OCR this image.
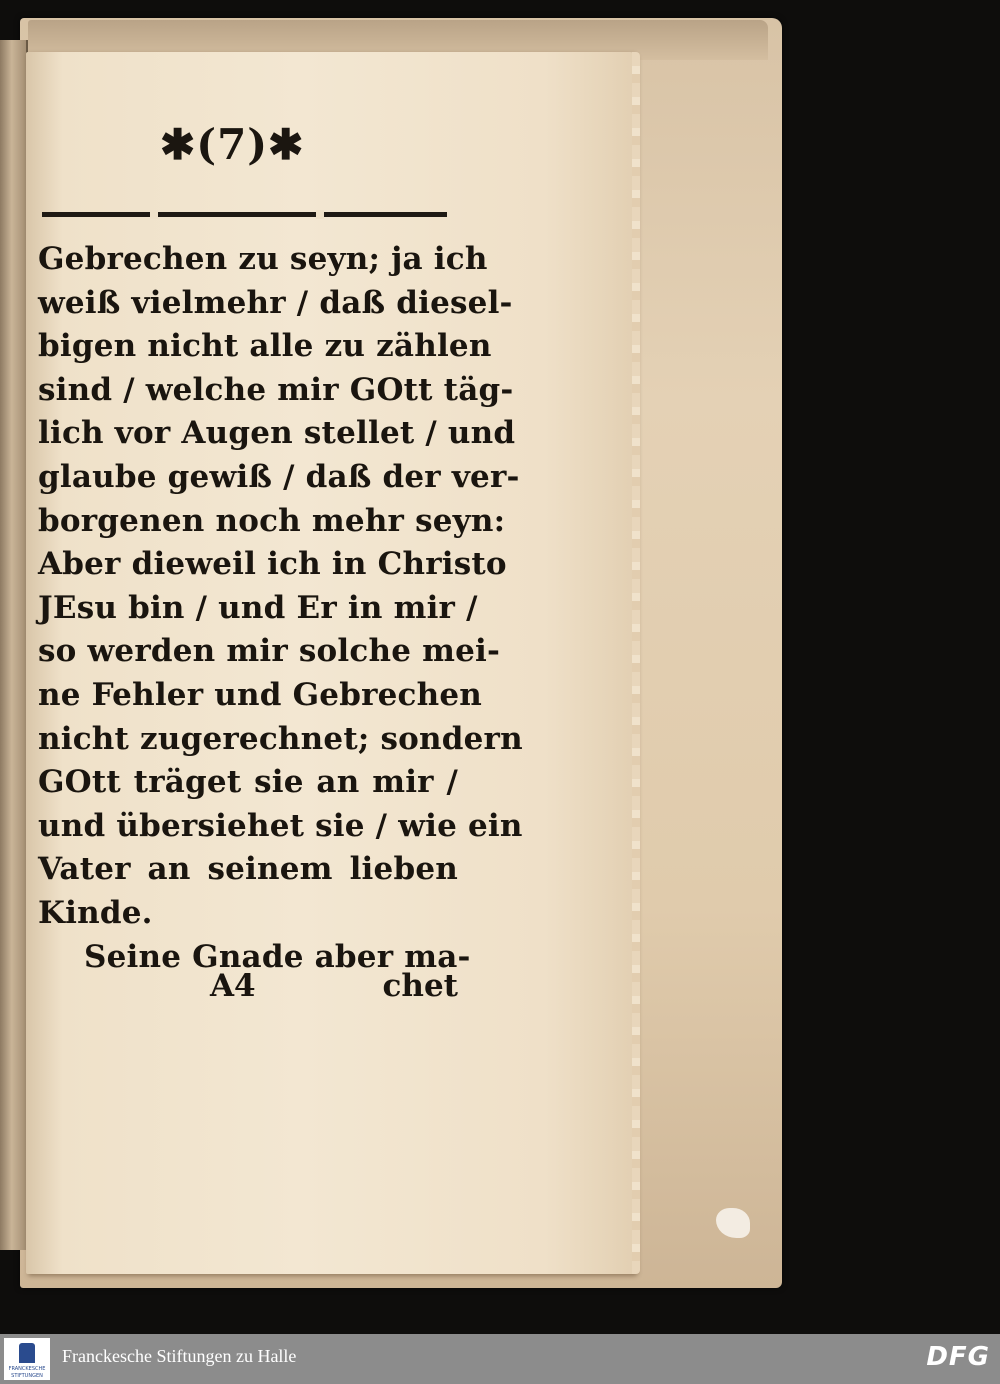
✱(7)✱
Gebrechen zu seyn; ja ich
weiß vielmehr / daß diesel-
bigen nicht alle zu zählen
sind / welche mir GOtt täg-
lich vor Augen stellet / und
glaube gewiß / daß der ver-
borgenen noch mehr seyn:
Aber dieweil ich in Christo
JEsu bin / und Er in mir /
so werden mir solche mei-
ne Fehler und Gebrechen
nicht zugerechnet; sondern
GOtt träget sie an mir /
und übersiehet sie / wie ein
Vater an seinem lieben
Kinde.
Seine Gnade aber ma-
A4	chet
FRANCKESCHE
STIFTUNGEN
Franckesche Stiftungen zu Halle	DFG
